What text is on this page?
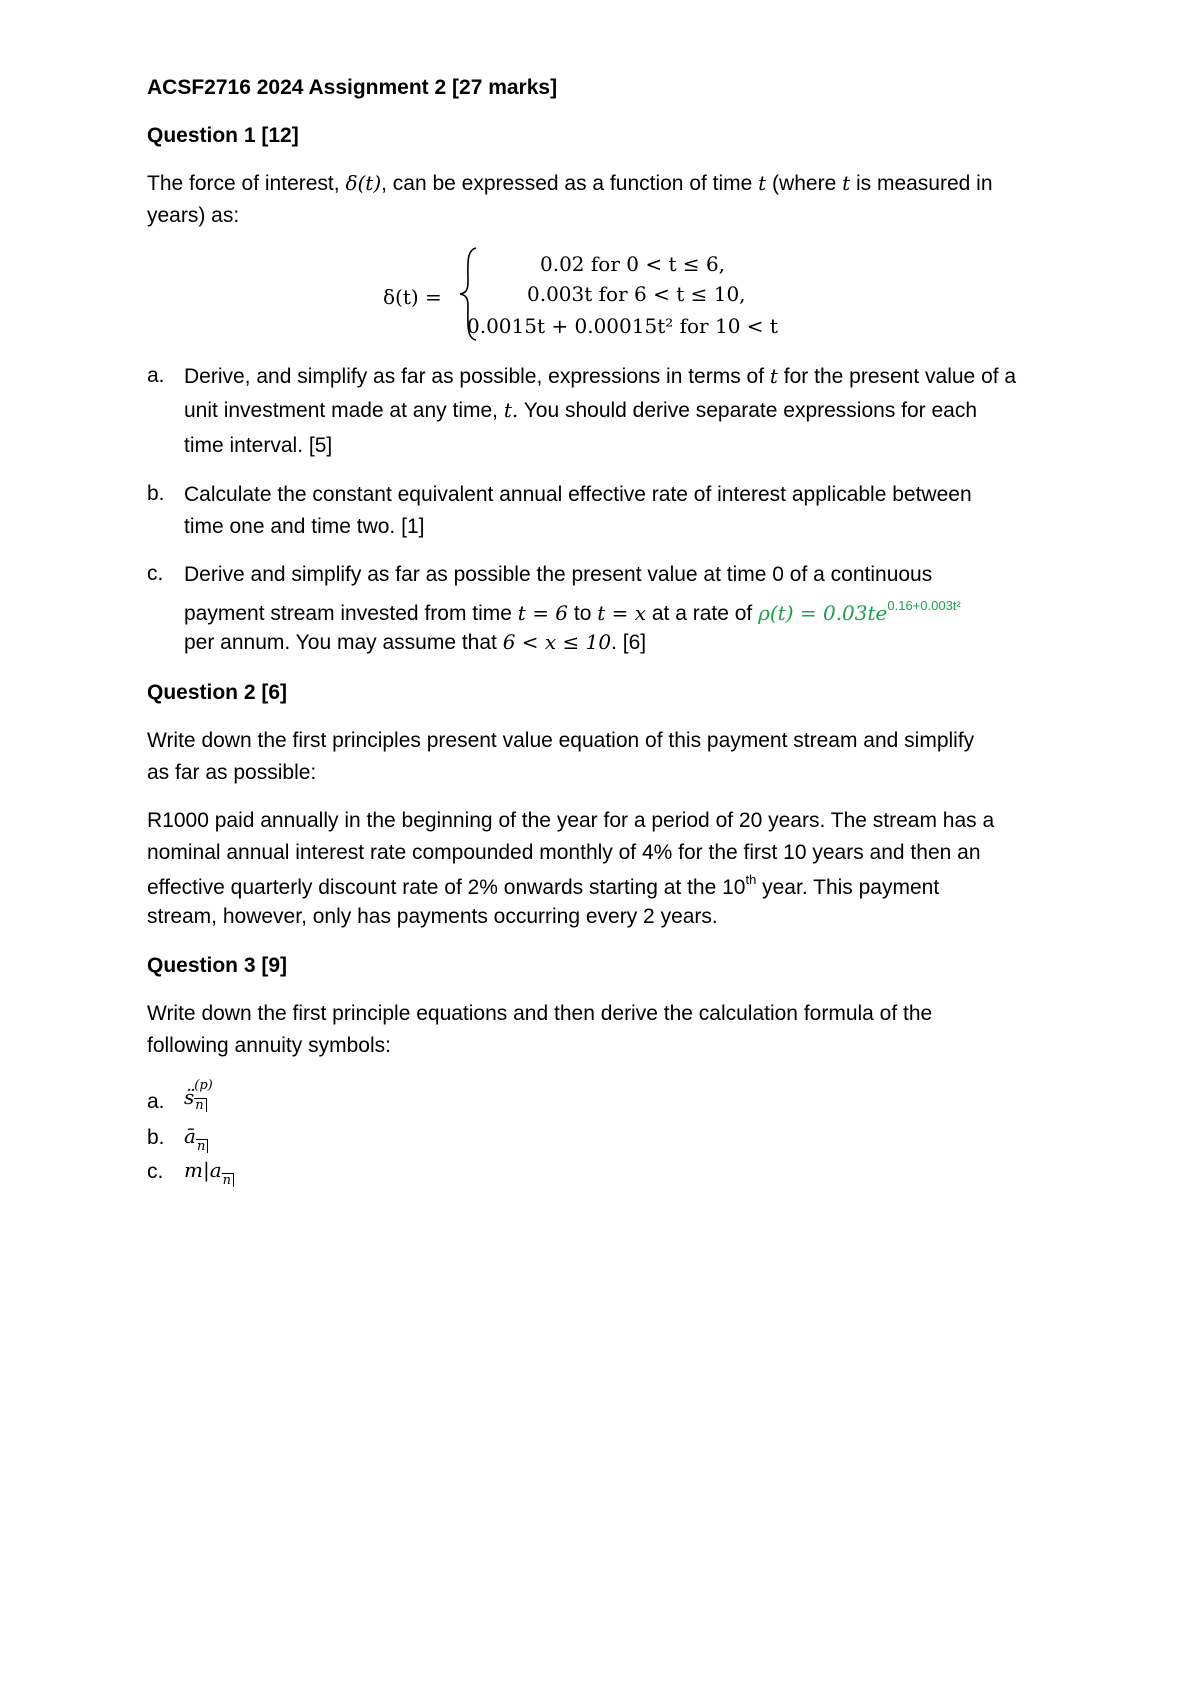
ACSF2716 2024 Assignment 2 [27 marks]
Question 1 [12]
The force of interest, δ(t), can be expressed as a function of time t (where t is measured in
years) as:
δ(t) =
0.02 for 0 < t ≤ 6,
0.003t for 6 < t ≤ 10,
0.0015t + 0.00015t² for 10 < t
a. Derive, and simplify as far as possible, expressions in terms of t for the present value of a
unit investment made at any time, t. You should derive separate expressions for each
time interval. [5]
b. Calculate the constant equivalent annual effective rate of interest applicable between
time one and time two. [1]
c. Derive and simplify as far as possible the present value at time 0 of a continuous
payment stream invested from time t = 6 to t = x at a rate of $\rho(t) = 0.03te^{0.16+0.003t^2}$
per annum. You may assume that 6 < x ≤ 10. [6]
Question 2 [6]
Write down the first principles present value equation of this payment stream and simplify
as far as possible:
R1000 paid annually in the beginning of the year for a period of 20 years. The stream has a
nominal annual interest rate compounded monthly of 4% for the first 10 years and then an
effective quarterly discount rate of 2% onwards starting at the 10th year. This payment
stream, however, only has payments occurring every 2 years.
Question 3 [9]
Write down the first principle equations and then derive the calculation formula of the
following annuity symbols:
a. s̈ $\frac{(p)}{n}$
b. ān
c. m|an
